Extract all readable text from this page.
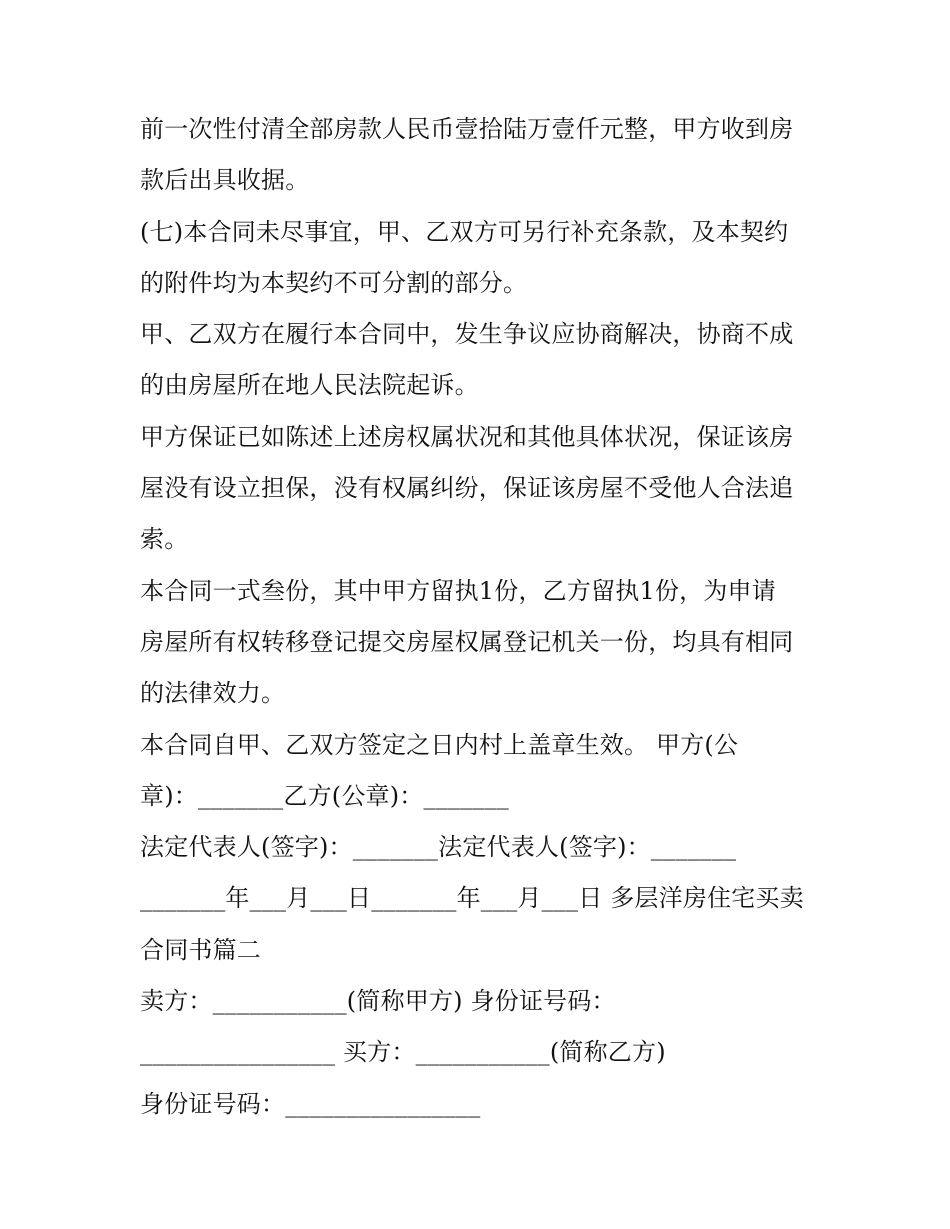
前一次性付清全部房款人民币壹拾陆万壹仟元整，甲方收到房
款后出具收据。
(七)本合同未尽事宜，甲、乙双方可另行补充条款，及本契约
的附件均为本契约不可分割的部分。
甲、乙双方在履行本合同中，发生争议应协商解决，协商不成
的由房屋所在地人民法院起诉。
甲方保证已如陈述上述房权属状况和其他具体状况，保证该房
屋没有设立担保，没有权属纠纷，保证该房屋不受他人合法追
索。
本合同一式叁份，其中甲方留执1份，乙方留执1份，为申请
房屋所有权转移登记提交房屋权属登记机关一份，均具有相同
的法律效力。
本合同自甲、乙双方签定之日内村上盖章生效。 甲方(公
章)：_______乙方(公章)：_______
法定代表人(签字)：_______法定代表人(签字)：_______
_______年___月___日_______年___月___日 多层洋房住宅买卖
合同书篇二
卖方：___________(简称甲方) 身份证号码：
________________ 买方：___________(简称乙方)
身份证号码：________________
